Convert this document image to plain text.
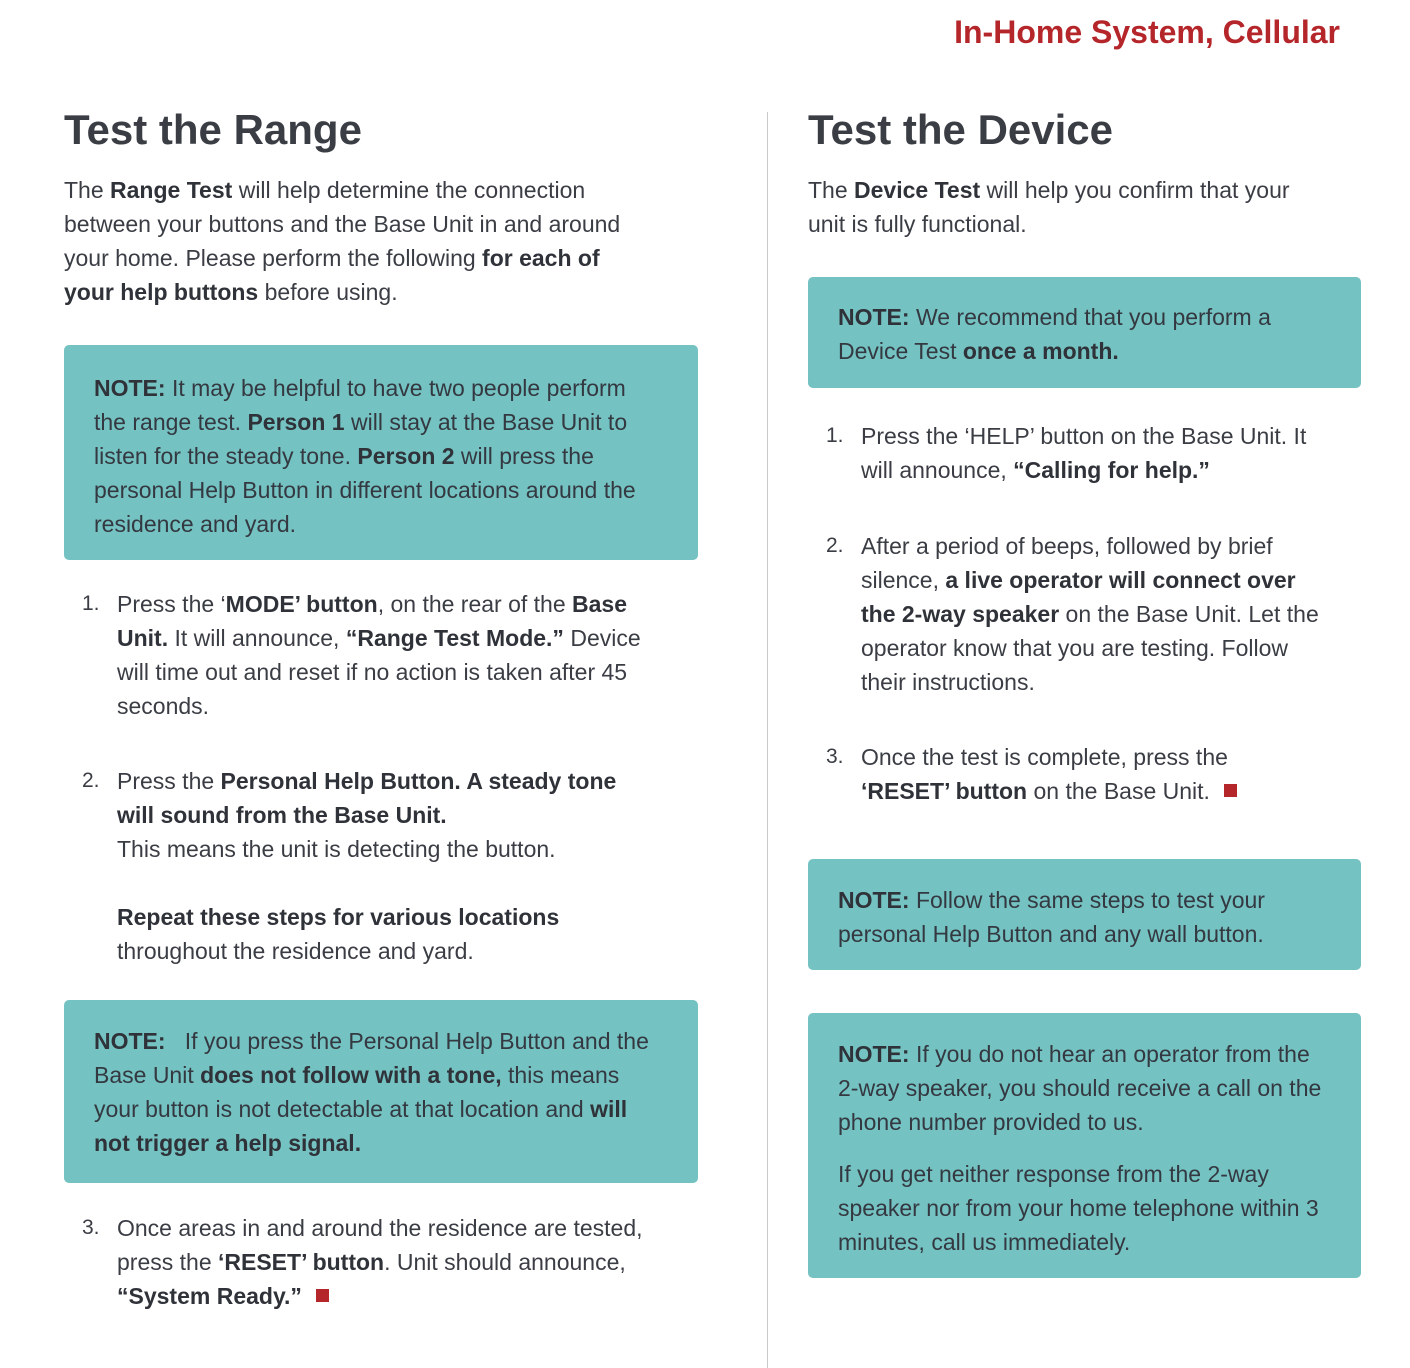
In-Home System, Cellular
Test the Range

The Range Test will help determine the connection between your buttons and the Base Unit in and around your home. Please perform the following for each of your help buttons before using.

NOTE: It may be helpful to have two people perform the range test. Person 1 will stay at the Base Unit to listen for the steady tone. Person 2 will press the personal Help Button in different locations around the residence and yard.

1. Press the ‘MODE’ button, on the rear of the Base Unit. It will announce, “Range Test Mode.” Device will time out and reset if no action is taken after 45 seconds.
2. Press the Personal Help Button. A steady tone will sound from the Base Unit.
This means the unit is detecting the button.
Repeat these steps for various locations throughout the residence and yard.

NOTE:   If you press the Personal Help Button and the Base Unit does not follow with a tone, this means your button is not detectable at that location and will not trigger a help signal.

3. Once areas in and around the residence are tested, press the ‘RESET’ button. Unit should announce, “System Ready.”
Test the Device

The Device Test will help you confirm that your unit is fully functional.

NOTE: We recommend that you perform a Device Test once a month.

1. Press the ‘HELP’ button on the Base Unit. It will announce, “Calling for help.”
2. After a period of beeps, followed by brief silence, a live operator will connect over the 2-way speaker on the Base Unit. Let the operator know that you are testing. Follow their instructions.
3. Once the test is complete, press the ‘RESET’ button on the Base Unit.

NOTE: Follow the same steps to test your personal Help Button and any wall button.

NOTE: If you do not hear an operator from the 2-way speaker, you should receive a call on the phone number provided to us.

If you get neither response from the 2-way speaker nor from your home telephone within 3 minutes, call us immediately.
